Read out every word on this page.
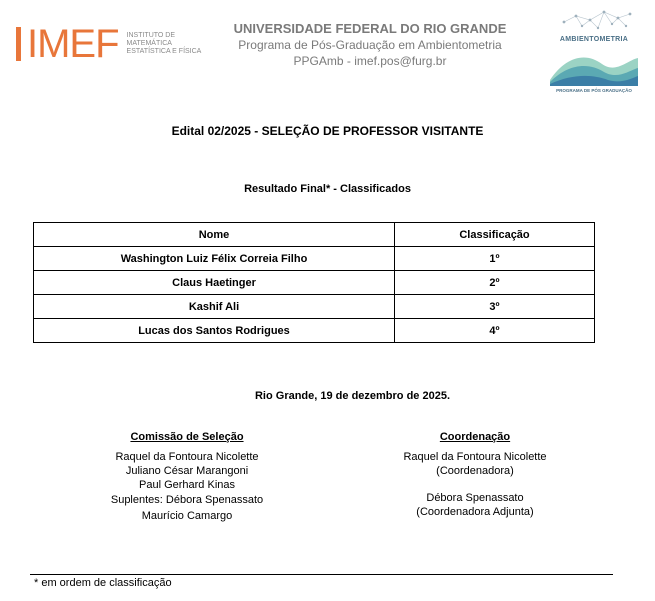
IMEF INSTITUTO DE
MATEMÁTICA
ESTATÍSTICA E FÍSICA
UNIVERSIDADE FEDERAL DO RIO GRANDE
Programa de Pós-Graduação em Ambientometria
PPGAmb - imef.pos@furg.br
AMBIENTOMETRIA
PROGRAMA DE PÓS GRADUAÇÃO
Edital 02/2025 - SELEÇÃO DE PROFESSOR VISITANTE
Resultado Final* - Classificados
Nome	Classificação
Washington Luiz Félix Correia Filho	1º
Claus Haetinger	2º
Kashif Ali	3º
Lucas dos Santos Rodrigues	4º
Rio Grande, 19 de dezembro de 2025.
Comissão de Seleção
Raquel da Fontoura Nicolette
Juliano César Marangoni
Paul Gerhard Kinas
Suplentes: Débora Spenassato
Maurício Camargo
Coordenação
Raquel da Fontoura Nicolette
(Coordenadora)
Débora Spenassato
(Coordenadora Adjunta)
* em ordem de classificação
